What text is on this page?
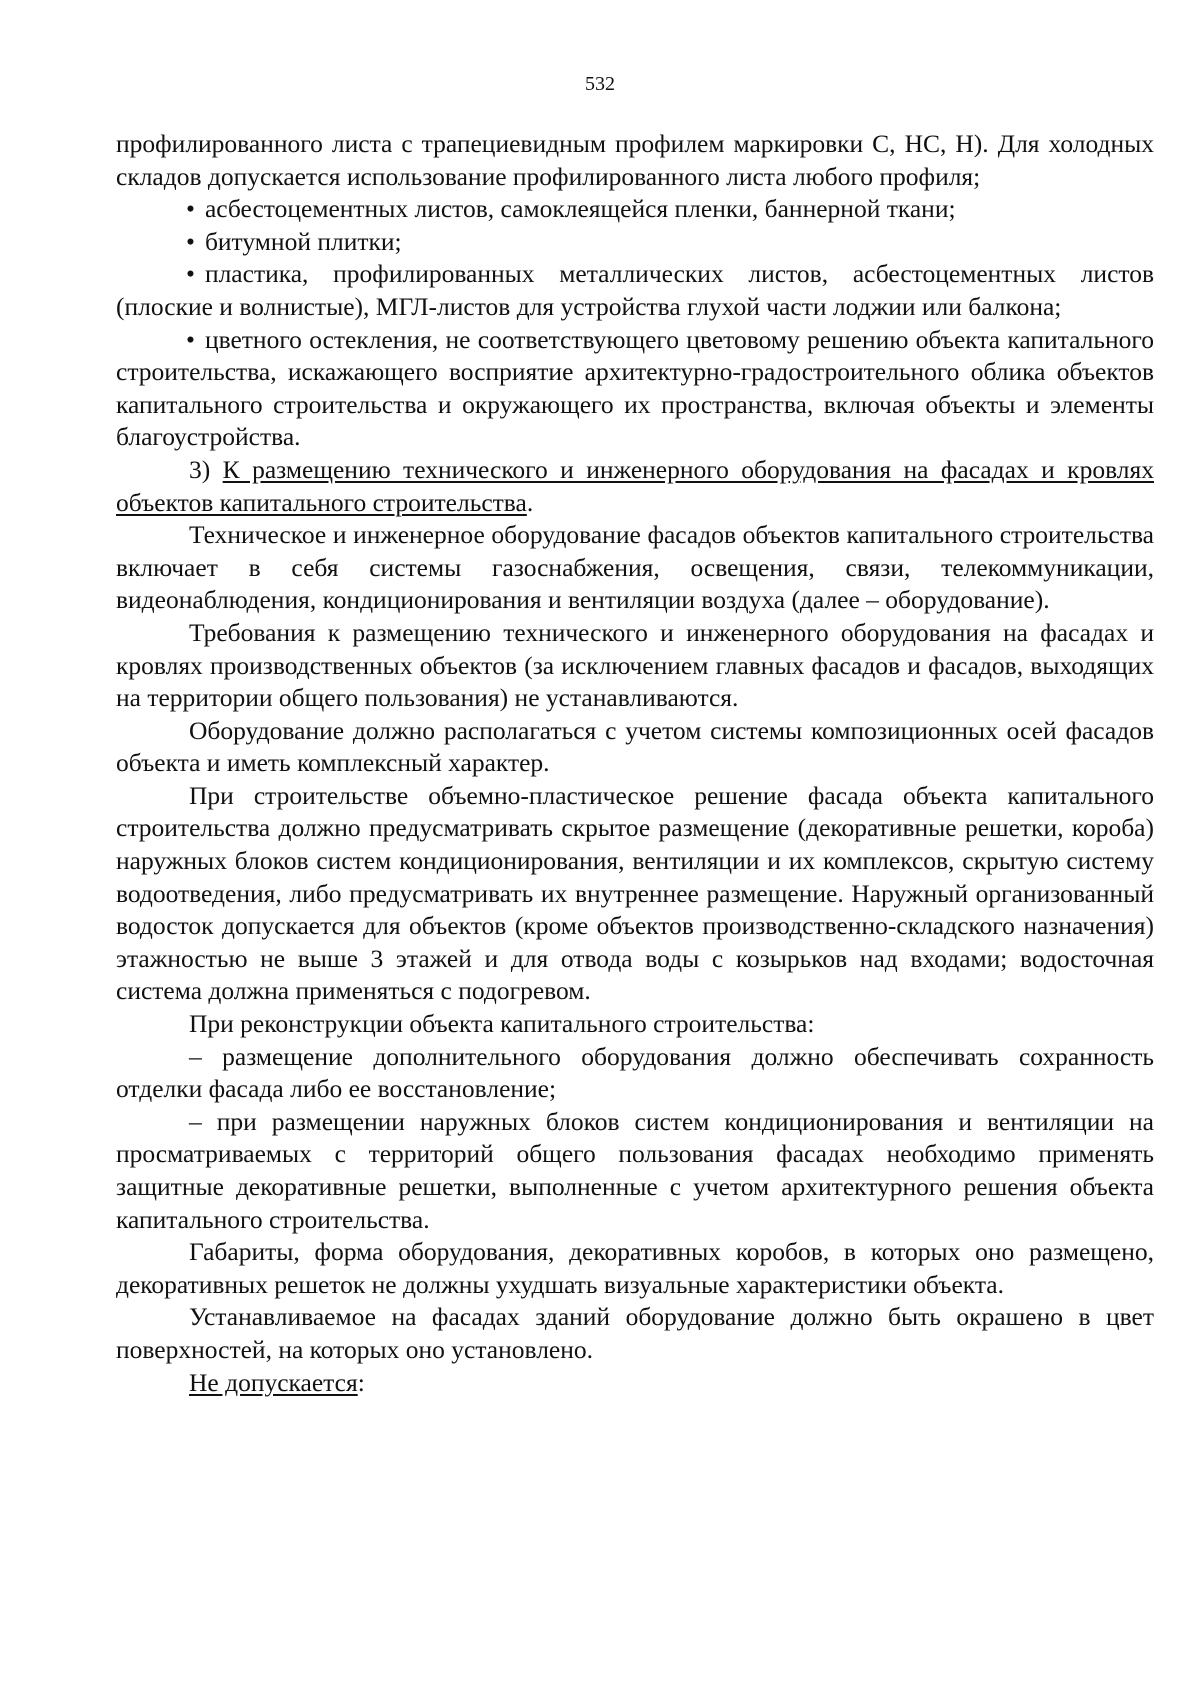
532

профилированного листа с трапециевидным профилем маркировки С, НС, Н). Для холодных складов допускается использование профилированного листа любого профиля;

• асбестоцементных листов, самоклеящейся пленки, баннерной ткани;

• битумной плитки;

• пластика, профилированных металлических листов, асбестоцементных листов (плоские и волнистые), МГЛ-листов для устройства глухой части лоджии или балкона;

• цветного остекления, не соответствующего цветовому решению объекта капитального строительства, искажающего восприятие архитектурно-градостроительного облика объектов капитального строительства и окружающего их пространства, включая объекты и элементы благоустройства.

3) К размещению технического и инженерного оборудования на фасадах и кровлях объектов капитального строительства.

Техническое и инженерное оборудование фасадов объектов капитального строительства включает в себя системы газоснабжения, освещения, связи, телекоммуникации, видеонаблюдения, кондиционирования и вентиляции воздуха (далее – оборудование).

Требования к размещению технического и инженерного оборудования на фасадах и кровлях производственных объектов (за исключением главных фасадов и фасадов, выходящих на территории общего пользования) не устанавливаются.

Оборудование должно располагаться с учетом системы композиционных осей фасадов объекта и иметь комплексный характер.

При строительстве объемно-пластическое решение фасада объекта капитального строительства должно предусматривать скрытое размещение (декоративные решетки, короба) наружных блоков систем кондиционирования, вентиляции и их комплексов, скрытую систему водоотведения, либо предусматривать их внутреннее размещение. Наружный организованный водосток допускается для объектов (кроме объектов производственно-складского назначения) этажностью не выше 3 этажей и для отвода воды с козырьков над входами; водосточная система должна применяться с подогревом.

При реконструкции объекта капитального строительства:

– размещение дополнительного оборудования должно обеспечивать сохранность отделки фасада либо ее восстановление;

– при размещении наружных блоков систем кондиционирования и вентиляции на просматриваемых с территорий общего пользования фасадах необходимо применять защитные декоративные решетки, выполненные с учетом архитектурного решения объекта капитального строительства.

Габариты, форма оборудования, декоративных коробов, в которых оно размещено, декоративных решеток не должны ухудшать визуальные характеристики объекта.

Устанавливаемое на фасадах зданий оборудование должно быть окрашено в цвет поверхностей, на которых оно установлено.

Не допускается:
